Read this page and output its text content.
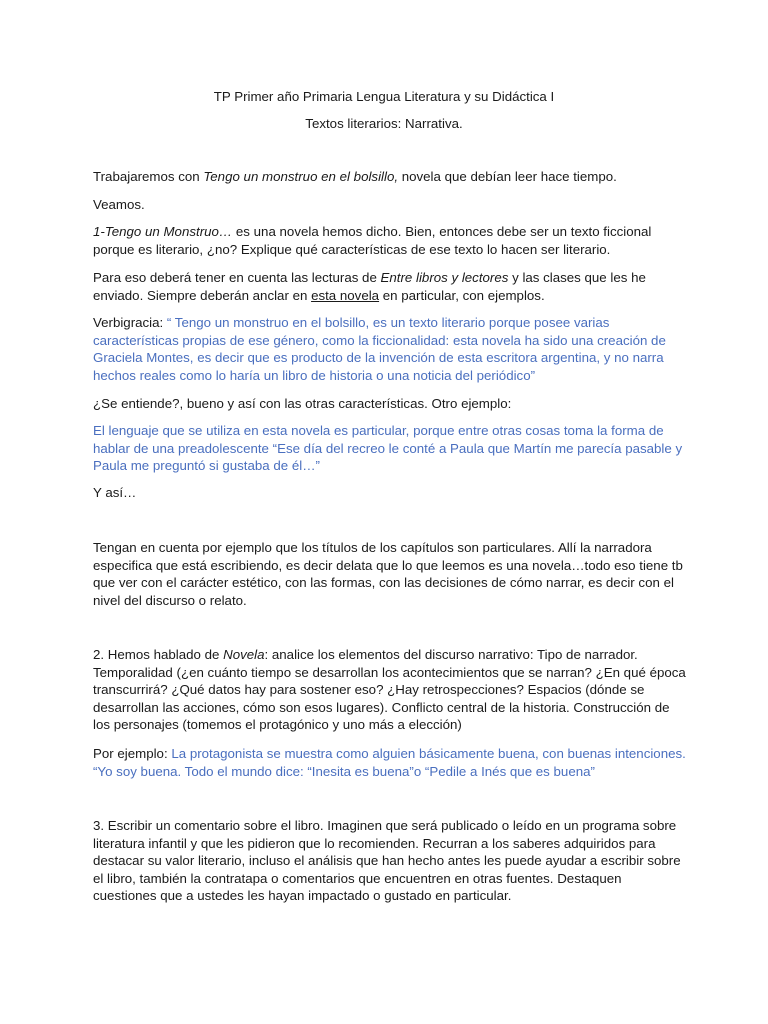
TP Primer año Primaria Lengua Literatura y su Didáctica I

Textos literarios: Narrativa.

Trabajaremos con Tengo un monstruo en el bolsillo, novela que debían leer hace tiempo.

Veamos.

1-Tengo un Monstruo… es una novela hemos dicho. Bien, entonces debe ser un texto ficcional porque es literario, ¿no? Explique qué características de ese texto lo hacen ser literario.

Para eso deberá tener en cuenta las lecturas de Entre libros y lectores y las clases que les he enviado. Siempre deberán anclar en esta novela en particular, con ejemplos.

Verbigracia: “ Tengo un monstruo en el bolsillo, es un texto literario porque posee varias características propias de ese género, como la ficcionalidad: esta novela ha sido una creación de Graciela Montes, es decir que es producto de la invención de esta escritora argentina, y no narra hechos reales como lo haría un libro de historia o una noticia del periódico”

¿Se entiende?, bueno y así con las otras características. Otro ejemplo:

El lenguaje que se utiliza en esta novela es particular, porque entre otras cosas toma la forma de hablar de una preadolescente “Ese día del recreo le conté a Paula que Martín me parecía pasable y Paula me preguntó si gustaba de él…”

Y así…

Tengan en cuenta por ejemplo que los títulos de los capítulos son particulares. Allí la narradora especifica que está escribiendo, es decir delata que lo que leemos es una novela…todo eso tiene tb que ver con el carácter estético, con las formas, con las decisiones de cómo narrar, es decir con el nivel del discurso o relato.

2. Hemos hablado de Novela: analice los elementos del discurso narrativo: Tipo de narrador. Temporalidad (¿en cuánto tiempo se desarrollan los acontecimientos que se narran? ¿En qué época transcurrirá? ¿Qué datos hay para sostener eso? ¿Hay retrospecciones? Espacios (dónde se desarrollan las acciones, cómo son esos lugares). Conflicto central de la historia. Construcción de los personajes (tomemos el protagónico y uno más a elección)

Por ejemplo: La protagonista se muestra como alguien básicamente buena, con buenas intenciones. “Yo soy buena. Todo el mundo dice: “Inesita es buena”o “Pedile a Inés que es buena”

3. Escribir un comentario sobre el libro. Imaginen que será publicado o leído en un programa sobre literatura infantil y que les pidieron que lo recomienden. Recurran a los saberes adquiridos para destacar su valor literario, incluso el análisis que han hecho antes les puede ayudar a escribir sobre el libro, también la contratapa o comentarios que encuentren en otras fuentes. Destaquen cuestiones que a ustedes les hayan impactado o gustado en particular.
